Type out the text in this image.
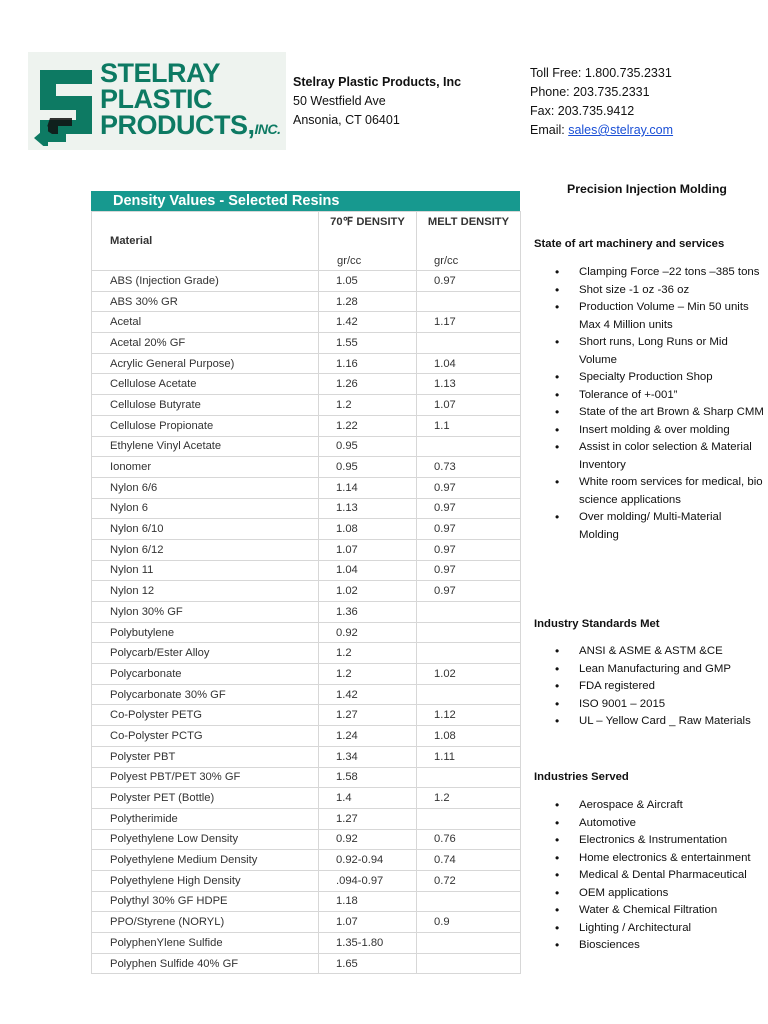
STELRAY
PLASTIC
PRODUCTS,INC.
Stelray Plastic Products, Inc
50 Westfield Ave
Ansonia, CT 06401
Toll Free: 1.800.735.2331
Phone: 203.735.2331
Fax: 203.735.9412
Email: sales@stelray.com
Density Values - Selected Resins
Material	70℉ DENSITY	MELT DENSITY
	gr/cc	gr/cc
ABS (Injection Grade)	1.05	0.97
ABS 30% GR	1.28	
Acetal	1.42	1.17
Acetal 20% GF	1.55	
Acrylic General Purpose)	1.16	1.04
Cellulose Acetate	1.26	1.13
Cellulose Butyrate	1.2	1.07
Cellulose Propionate	1.22	1.1
Ethylene Vinyl Acetate	0.95	
Ionomer	0.95	0.73
Nylon 6/6	1.14	0.97
Nylon 6	1.13	0.97
Nylon 6/10	1.08	0.97
Nylon 6/12	1.07	0.97
Nylon 11	1.04	0.97
Nylon 12	1.02	0.97
Nylon 30% GF	1.36	
Polybutylene	0.92	
Polycarb/Ester Alloy	1.2	
Polycarbonate	1.2	1.02
Polycarbonate 30% GF	1.42	
Co-Polyster PETG	1.27	1.12
Co-Polyster PCTG	1.24	1.08
Polyster PBT	1.34	1.11
Polyest PBT/PET 30% GF	1.58	
Polyster PET (Bottle)	1.4	1.2
Polytherimide	1.27	
Polyethylene Low Density	0.92	0.76
Polyethylene Medium Density	0.92-0.94	0.74
Polyethylene High Density	.094-0.97	0.72
Polythyl 30% GF HDPE	1.18	
PPO/Styrene (NORYL)	1.07	0.9
PolyphenYlene Sulfide	1.35-1.80	
Polyphen Sulfide 40% GF	1.65	
Precision Injection Molding
State of art machinery and services
• Clamping Force –22 tons –385 tons
• Shot size -1 oz -36 oz
• Production Volume – Min 50 units Max 4 Million units
• Short runs, Long Runs or Mid Volume
• Specialty Production Shop
• Tolerance of +-001”
• State of the art Brown & Sharp CMM
• Insert molding & over molding
• Assist in color selection & Material Inventory
• White room services for medical, bio science applications
• Over molding/ Multi-Material Molding
Industry Standards Met
• ANSI & ASME & ASTM &CE
• Lean Manufacturing and GMP
• FDA registered
• ISO 9001 – 2015
• UL – Yellow Card _ Raw Materials
Industries Served
• Aerospace & Aircraft
• Automotive
• Electronics & Instrumentation
• Home electronics & entertainment
• Medical & Dental Pharmaceutical
• OEM applications
• Water & Chemical Filtration
• Lighting / Architectural
• Biosciences
